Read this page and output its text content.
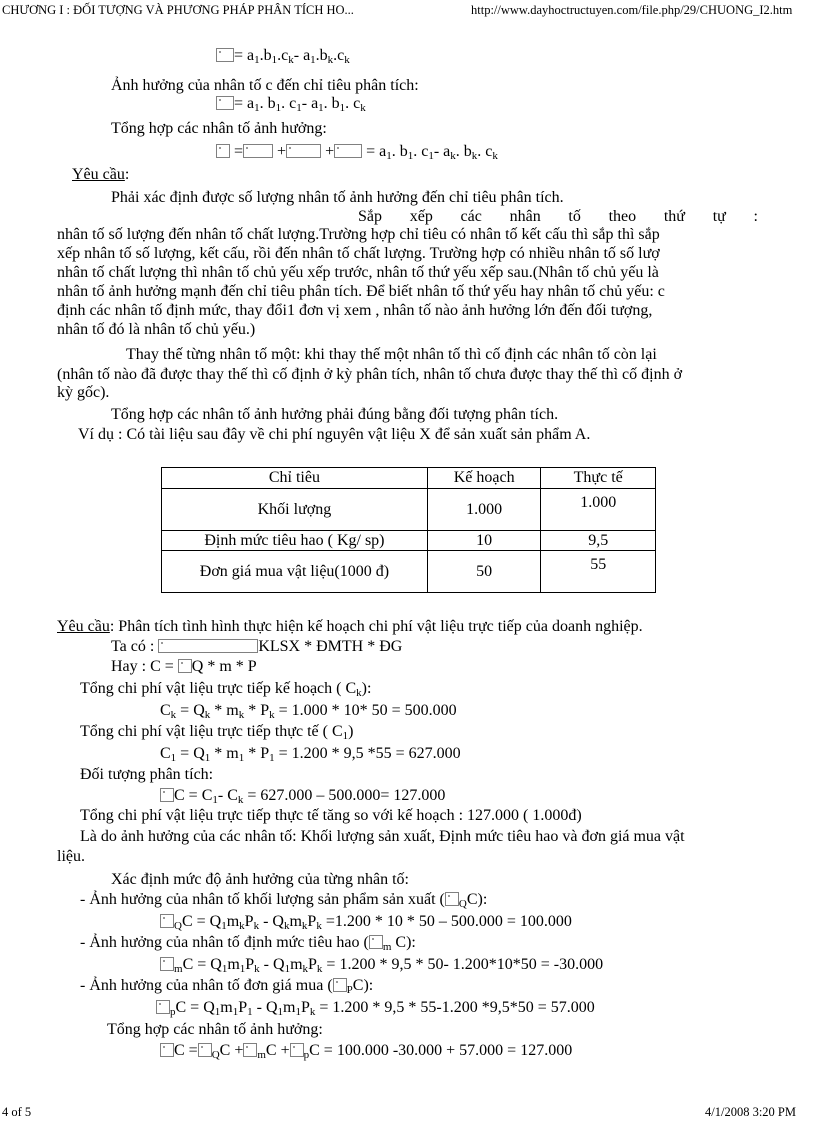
CHƯƠNG I : ĐỐI TƯỢNG VÀ PHƯƠNG PHÁP PHÂN TÍCH HO...	http://www.dayhoctructuyen.com/file.php/29/CHUONG_I2.htm
4 of 5	4/1/2008 3:20 PM
= $a_1.b_1.c_k-$ $a_1.b_k.c_k$
Ảnh hưởng của nhân tố c đến chỉ tiêu phân tích:
= $a_1$. $b_1$. $c_1-$ $a_1$. $b_1$. $c_k$
Tổng hợp các nhân tố ảnh hưởng:
= + + = $a_1$. $b_1$. $c_1-$ $a_k$. $b_k$. $c_k$
Yêu cầu:
Phải xác định được số lượng nhân tố ảnh hưởng đến chỉ tiêu phân tích.
Sắp xếp các nhân tố theo thứ tự :
nhân tố số lượng đến nhân tố chất lượng.Trường hợp chỉ tiêu có nhân tố kết cấu thì sắp thì sắp
xếp nhân tố số lượng, kết cấu, rồi đến nhân tố chất lượng. Trường hợp có nhiều nhân tố số lượ
nhân tố chất lượng thì nhân tố chủ yếu xếp trước, nhân tố thứ yếu xếp sau.(Nhân tố chủ yếu là
nhân tố ảnh hưởng mạnh đến chỉ tiêu phân tích. Để biết nhân tố thứ yếu hay nhân tố chủ yếu: c
định các nhân tố định mức, thay đổi1 đơn vị xem , nhân tố nào ảnh hưởng lớn đến đối tượng,
nhân tố đó là nhân tố chủ yếu.)
Thay thế từng nhân tố một: khi thay thế một nhân tố thì cố định các nhân tố còn lại
(nhân tố nào đã được thay thế thì cố định ở kỳ phân tích, nhân tố chưa được thay thế thì cố định ở
kỳ gốc).
Tổng hợp các nhân tố ảnh hưởng phải đúng bằng đối tượng phân tích.
Ví dụ : Có tài liệu sau đây về chi phí nguyên vật liệu X để sản xuất sản phẩm A.
Chỉ tiêu	Kế hoạch	Thực tế
Khối lượng	1.000	1.000

Định mức tiêu hao ( Kg/ sp)	10	9,5
Đơn giá mua vật liệu(1000 đ)	50	55
Yêu cầu: Phân tích tình hình thực hiện kế hoạch chi phí vật liệu trực tiếp của doanh nghiệp.
Ta có :	KLSX * ĐMTH * ĐG
Hay : C = Q * m * P
Tổng chi phí vật liệu trực tiếp kế hoạch ( $C_k$):
$C_k = Q_k * m_k * P_k = 1.000 * 10*$ 50 = 500.000
Tổng chi phí vật liệu trực tiếp thực tế ( $C_1$)
$C_1 = Q_1 * m_1 * P_1 = 1.200 * 9,5$ *55 = 627.000
Đối tượng phân tích:
$C = C_1-$ $C_k = 627.000 - 500.000= 127.000$
Tổng chi phí vật liệu trực tiếp thực tế tăng so với kế hoạch : 127.000 ( 1.000đ)
Là do ảnh hưởng của các nhân tố: Khối lượng sản xuất, Định mức tiêu hao và đơn giá mua vật
liệu.
Xác định mức độ ảnh hưởng của từng nhân tố:
- Ảnh hưởng của nhân tố khối lượng sản phẩm sản xuất ( $_Q$C):
$_QC = Q_1m_kP_k - Q_km_kP_k =1.200 * 10 * 50 - 500.000 = 100.000$
- Ảnh hưởng của nhân tố định mức tiêu hao ( $_m$ C):
$_mC = Q_1m_1P_k - Q_1m_kP_k = 1.200 * 9,5 * 50-$ 1.200*10*50 = -30.000
- Ảnh hưởng của nhân tố đơn giá mua ( $_P$C):
$_pC = Q_1m_1P_1 - Q_1m_1P_k = 1.200 * 9,5 * 55-1.200$ *9,5*50 = 57.000
Tổng hợp các nhân tố ảnh hưởng:
C = $_Q$C + $_m$C + $_p$C = 100.000 -30.000 + 57.000 = 127.000
